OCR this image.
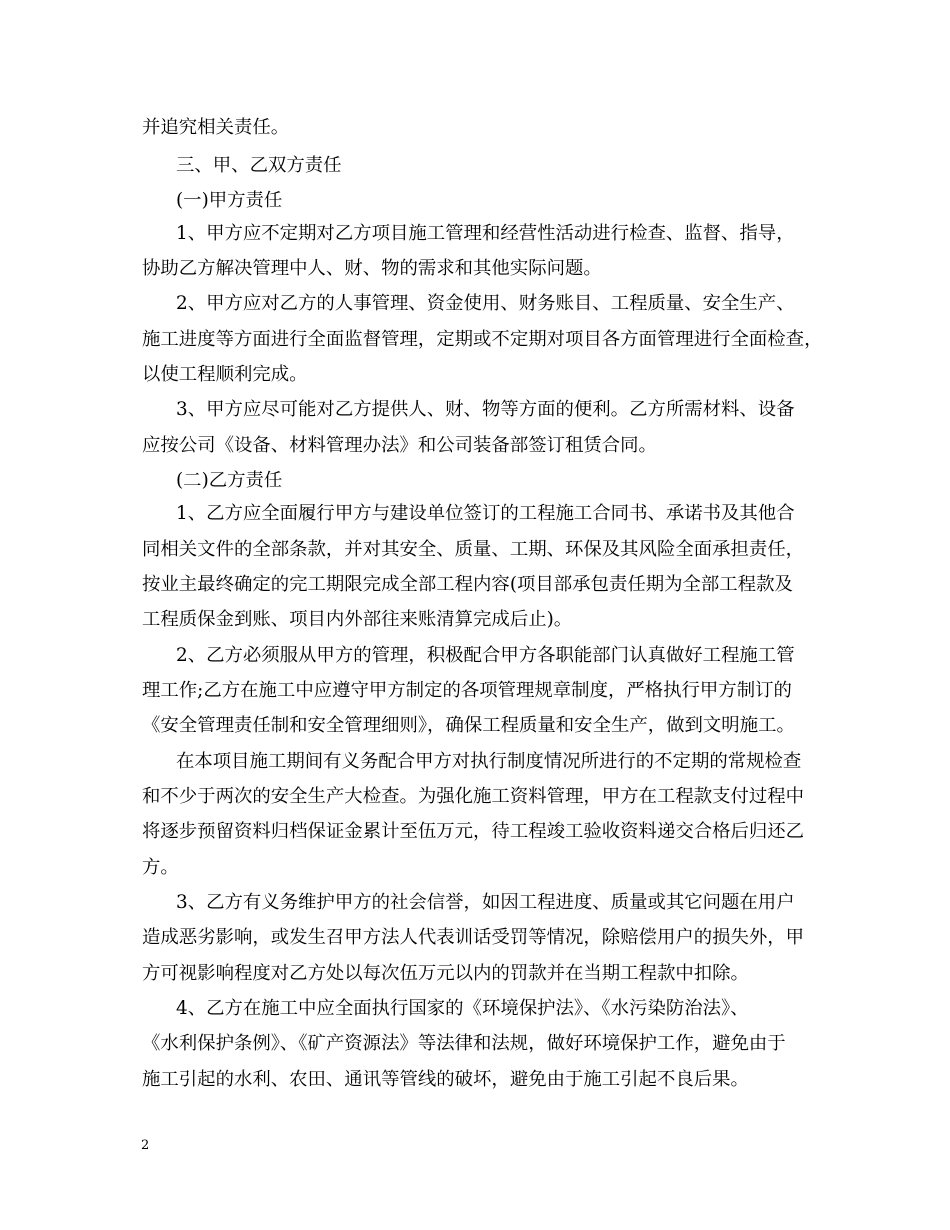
并追究相关责任。
三、甲、乙双方责任
(一)甲方责任
1、甲方应不定期对乙方项目施工管理和经营性活动进行检查、监督、指导，
协助乙方解决管理中人、财、物的需求和其他实际问题。
2、甲方应对乙方的人事管理、资金使用、财务账目、工程质量、安全生产、
施工进度等方面进行全面监督管理，定期或不定期对项目各方面管理进行全面检查，
以使工程顺利完成。
3、甲方应尽可能对乙方提供人、财、物等方面的便利。乙方所需材料、设备
应按公司《设备、材料管理办法》和公司装备部签订租赁合同。
(二)乙方责任
1、乙方应全面履行甲方与建设单位签订的工程施工合同书、承诺书及其他合
同相关文件的全部条款，并对其安全、质量、工期、环保及其风险全面承担责任，
按业主最终确定的完工期限完成全部工程内容(项目部承包责任期为全部工程款及
工程质保金到账、项目内外部往来账清算完成后止)。
2、乙方必须服从甲方的管理，积极配合甲方各职能部门认真做好工程施工管
理工作;乙方在施工中应遵守甲方制定的各项管理规章制度，严格执行甲方制订的
《安全管理责任制和安全管理细则》，确保工程质量和安全生产，做到文明施工。
在本项目施工期间有义务配合甲方对执行制度情况所进行的不定期的常规检查
和不少于两次的安全生产大检查。为强化施工资料管理，甲方在工程款支付过程中
将逐步预留资料归档保证金累计至伍万元，待工程竣工验收资料递交合格后归还乙
方。
3、乙方有义务维护甲方的社会信誉，如因工程进度、质量或其它问题在用户
造成恶劣影响，或发生召甲方法人代表训话受罚等情况，除赔偿用户的损失外，甲
方可视影响程度对乙方处以每次伍万元以内的罚款并在当期工程款中扣除。
4、乙方在施工中应全面执行国家的《环境保护法》、《水污染防治法》、
《水利保护条例》、《矿产资源法》等法律和法规，做好环境保护工作，避免由于
施工引起的水利、农田、通讯等管线的破坏，避免由于施工引起不良后果。
2
